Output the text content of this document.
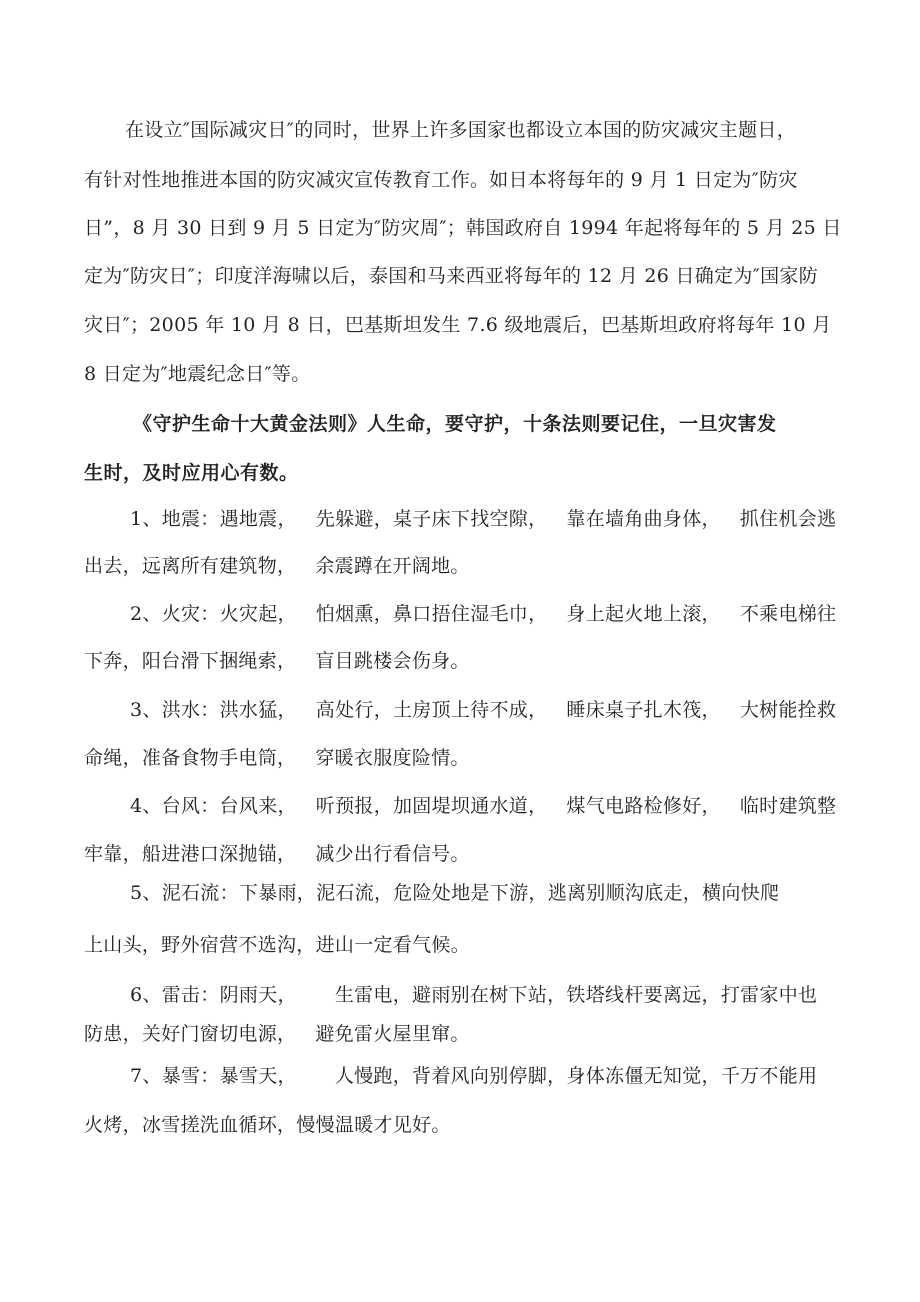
在设立″国际减灾日″的同时，世界上许多国家也都设立本国的防灾减灾主题日，
有针对性地推进本国的防灾减灾宣传教育工作。如日本将每年的 9 月 1 日定为″防灾
日”，8 月 30 日到 9 月 5 日定为″防灾周″；韩国政府自 1994 年起将每年的 5 月 25 日
定为″防灾日″；印度洋海啸以后，泰国和马来西亚将每年的 12 月 26 日确定为″国家防
灾日″；2005 年 10 月 8 日，巴基斯坦发生 7.6 级地震后，巴基斯坦政府将每年 10 月
8 日定为″地震纪念日″等。
《守护生命十大黄金法则》人生命，要守护，十条法则要记住，一旦灾害发
生时，及时应用心有数。
1、地震：遇地震，   先躲避，桌子床下找空隙，   靠在墙角曲身体，   抓住机会逃
出去，远离所有建筑物，   余震蹲在开阔地。
2、火灾：火灾起，   怕烟熏，鼻口捂住湿毛巾，   身上起火地上滚，   不乘电梯往
下奔，阳台滑下捆绳索，   盲目跳楼会伤身。
3、洪水：洪水猛，   高处行，土房顶上待不成，   睡床桌子扎木筏，   大树能拴救
命绳，准备食物手电筒，   穿暖衣服度险情。
4、台风：台风来，   听预报，加固堤坝通水道，   煤气电路检修好，   临时建筑整
牢靠，船进港口深抛锚，   减少出行看信号。
5、泥石流：下暴雨，泥石流，危险处地是下游，逃离别顺沟底走，横向快爬
上山头，野外宿营不选沟，进山一定看气候。
6、雷击：阴雨天，      生雷电，避雨别在树下站，铁塔线杆要离远，打雷家中也
防患，关好门窗切电源，   避免雷火屋里窜。
7、暴雪：暴雪天，      人慢跑，背着风向别停脚，身体冻僵无知觉，千万不能用
火烤，冰雪搓洗血循环，慢慢温暖才见好。
